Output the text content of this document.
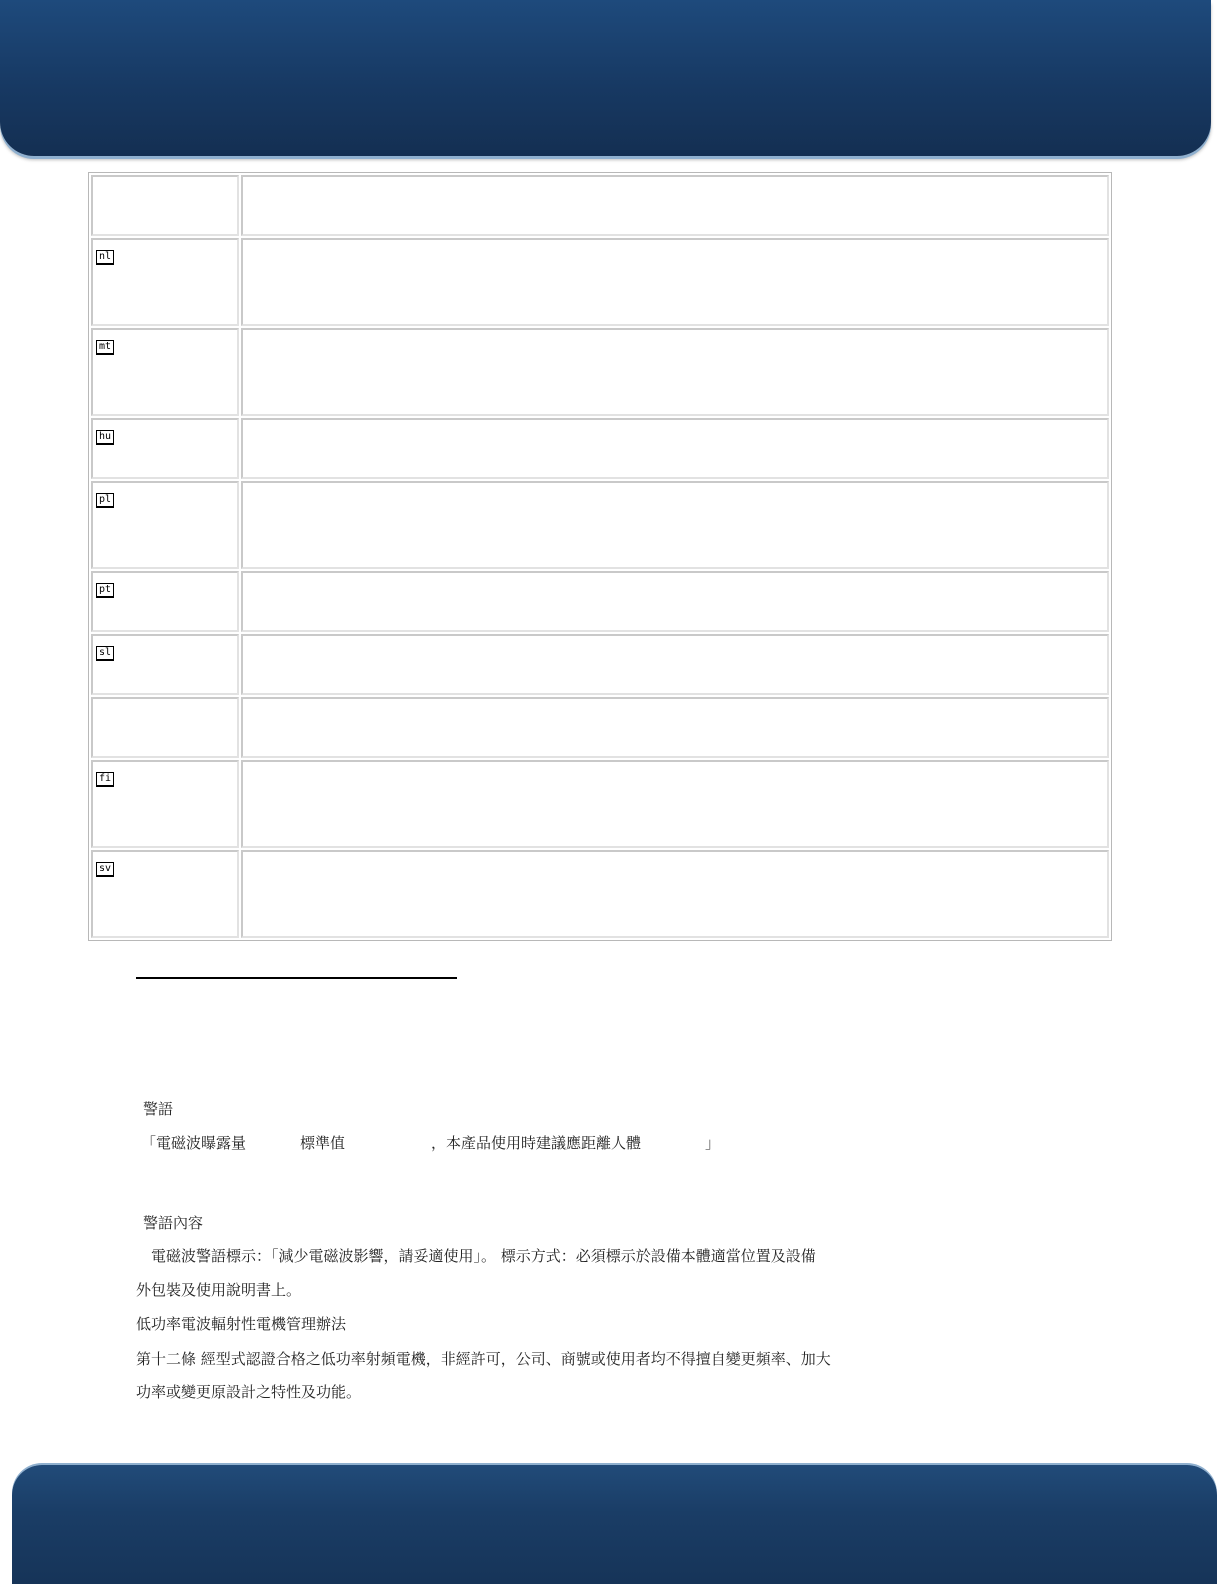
nl	
mt	
hu	
pl	
pt	
sl	

fi	
sv	
警語
「電磁波曝露量	標準值	，本產品使用時建議應距離人體	」
警語內容
　電磁波警語標示：「減少電磁波影響，請妥適使用」。 標示方式：必須標示於設備本體適當位置及設備
外包裝及使用說明書上。
低功率電波輻射性電機管理辦法
第十二條 經型式認證合格之低功率射頻電機，非經許可，公司、商號或使用者均不得擅自變更頻率、加大
功率或變更原設計之特性及功能。
